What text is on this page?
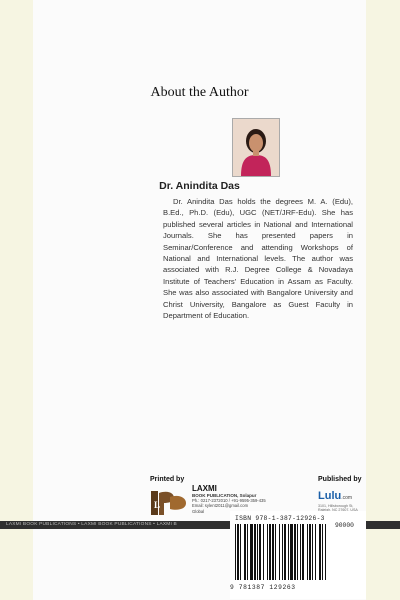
About the Author
Dr. Anindita Das
Dr. Anindita Das holds the degrees M. A. (Edu), B.Ed., Ph.D. (Edu), UGC (NET/JRF-Edu). She has published several articles in National and International Journals. She has presented papers in Seminar/Conference and attending Workshops of National and International levels. The author was associated with R.J. Degree College & Novadaya Institute of Teachers' Education in Assam as Faculty. She was also associated with Bangalore University and Christ University, Bangalore as Guest Faculty in Department of Education.
Printed by	Published by
L
LAXMI
BOOK PUBLICATION, Solapur
Ph.: 0217-2372010 / +91-9595-359-435
Email: sylent2011@gmail.com
Global
Lulu.com
3101, Hillsborough St,
LAXMI BOOK PUBLICATIONS • LAXMI BOOK PUBLICATIONS • LAXMI B
ISBN 978-1-387-12926-3
90000
9 781387 129263
